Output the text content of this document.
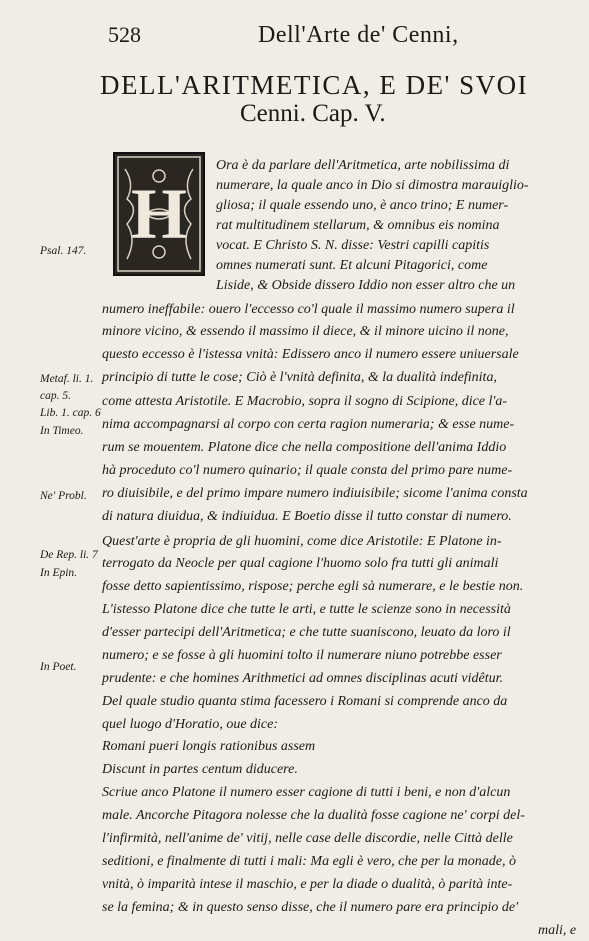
528	Dell'Arte de' Cenni,
DELL'ARITMETICA, E DE' SVOI
Cenni. Cap. V.
H
Ora è da parlare dell'Aritmetica, arte nobilissima di
numerare, la quale anco in Dio si dimostra marauiglio-
gliosa; il quale essendo uno, è anco trino; E numer-
rat multitudinem stellarum, & omnibus eis nomina
vocat. E Christo S. N. disse: Vestri capilli capitis
omnes numerati sunt. Et alcuni Pitagorici, come
Liside, & Obside dissero Iddio non esser altro che un
numero ineffabile: ouero l'eccesso co'l quale il massimo numero supera il
minore vicino, & essendo il massimo il diece, & il minore uicino il none,
questo eccesso è l'istessa vnità: Edissero anco il numero essere uniuersale
principio di tutte le cose; Ciò è l'vnità definita, & la dualità indefinita,
come attesta Aristotile. E Macrobio, sopra il sogno di Scipione, dice l'a-
nima accompagnarsi al corpo con certa ragion numeraria; & esse nume-
rum se mouentem. Platone dice che nella compositione dell'anima Iddio
hà proceduto co'l numero quinario; il quale consta del primo pare nume-
ro diuisibile, e del primo impare numero indiuisibile; sicome l'anima consta
di natura diuidua, & indiuidua. E Boetio disse il tutto constar di numero.
Quest'arte è propria de gli huomini, come dice Aristotile: E Platone in-
terrogato da Neocle per qual cagione l'huomo solo fra tutti gli animali
fosse detto sapientissimo, rispose; perche egli sà numerare, e le bestie non.
L'istesso Platone dice che tutte le arti, e tutte le scienze sono in necessità
d'esser partecipi dell'Aritmetica; e che tutte suaniscono, leuato da loro il
numero; e se fosse à gli huomini tolto il numerare niuno potrebbe esser
prudente: e che homines Arithmetici ad omnes disciplinas acuti vidêtur.
Del quale studio quanta stima facessero i Romani si comprende anco da
quel luogo d'Horatio, oue dice:
Romani pueri longis rationibus assem
Discunt in partes centum diducere.
Scriue anco Platone il numero esser cagione di tutti i beni, e non d'alcun
male. Ancorche Pitagora nolesse che la dualità fosse cagione ne' corpi del-
l'infirmità, nell'anime de' vitij, nelle case delle discordie, nelle Città delle
seditioni, e finalmente di tutti i mali: Ma egli è vero, che per la monade, ò
vnità, ò imparità intese il maschio, e per la diade o dualità, ò parità inte-
se la femina; & in questo senso disse, che il numero pare era principio de'
mali, e
Psal. 147.
Metaf. li. 1.
cap. 5.
Lib. 1. cap. 6
In Timeo.
Ne' Probl.
De Rep. li. 7
In Epin.
In Poet.
